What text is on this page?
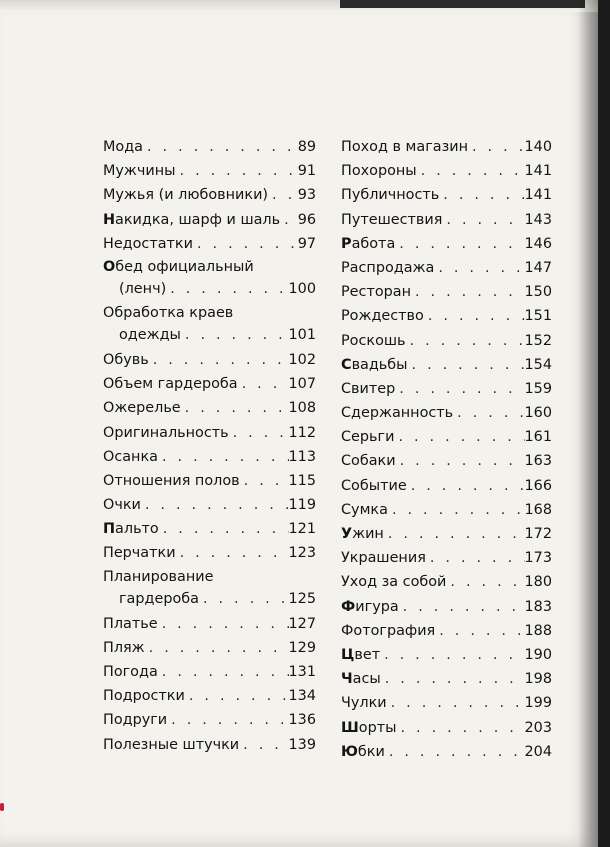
Мода . . .	89
Мужчины . . .	91
Мужья (и любовники) . . . 93
Накидка, шарф и шаль . . . 96
Недостатки . . .	97
Обед официальный
(ленч) . . .	100
Обработка краев
одежды . . .	101
Обувь . . .	102
Объем гардероба . . .	107
Ожерелье . . .	108
Оригинальность . . .	112
Осанка . . .	113
Отношения полов . . .	115
Очки . . .	119
Пальто . . .	121
Перчатки . . .	123
Планирование
гардероба . . .	125
Платье . . .	127
Пляж . . .	129
Погода . . .	131
Подростки . . .	134
Подруги . . .	136
Полезные штучки . . .	139
Поход в магазин . . .	140
Похороны . . .	141
Публичность . . .	141
Путешествия . . .	143
Работа . . .	146
Распродажа . . .	147
Ресторан . . .	150
Рождество . . .	151
Роскошь . . .	152
Свадьбы . . .	154
Свитер . . .	159
Сдержанность . . .	160
Серьги . . .	161
Собаки . . .	163
Событие . . .	166
Сумка . . .	168
Ужин . . .	172
Украшения . . .	173
Уход за собой . . .	180
Фигура . . .	183
Фотография . . .	188
Цвет . . .	190
Часы . . .	198
Чулки . . .	199
Шорты . . .	203
Юбки . . .	204
